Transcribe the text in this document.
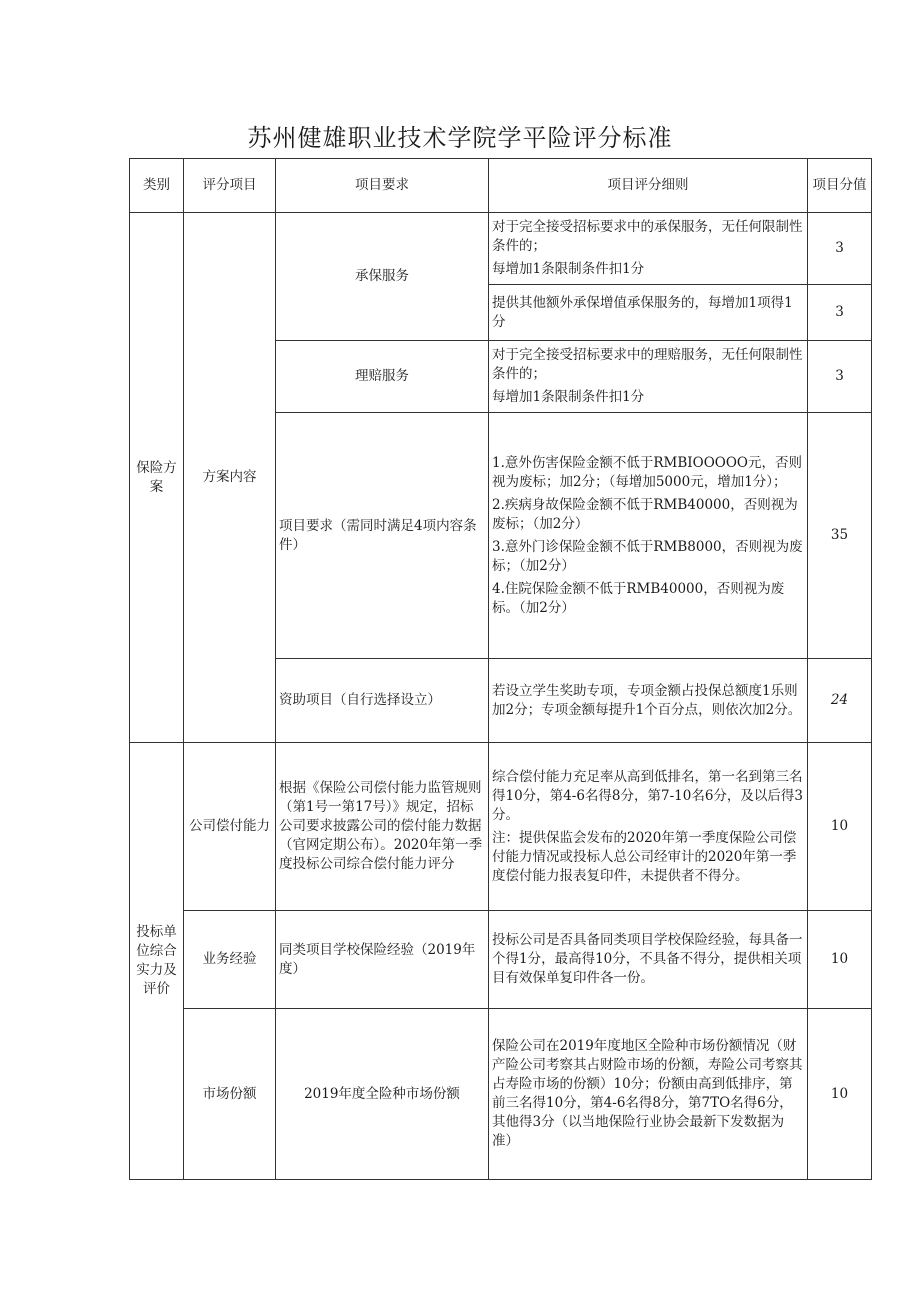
苏州健雄职业技术学院学平险评分标准
类别	评分项目	项目要求	项目评分细则	项目分值
保险方案	方案内容	承保服务	对于完全接受招标要求中的承保服务，无任何限制性条件的；
每增加1条限制条件扣1分	3

			提供其他额外承保增值承保服务的，每增加1项得1分	3
		理赔服务	对于完全接受招标要求中的理赔服务，无任何限制性条件的；
每增加1条限制条件扣1分	3
		项目要求（需同时满足4项内容条件）	1.意外伤害保险金额不低于RMBIOOOOO元，否则视为废标；加2分；（每增加5000元，增加1分）；
2.疾病身故保险金额不低于RMB40000，否则视为废标；（加2分）
3.意外门诊保险金额不低于RMB8000，否则视为废标；（加2分）
4.住院保险金额不低于RMB40000，否则视为废标。（加2分）	35
		资助项目（自行选择设立）	若设立学生奖助专项，专项金额占投保总额度1乐则加2分；专项金额每提升1个百分点，则依次加2分。	24

投标单位综合实力及评价	公司偿付能力	根据《保险公司偿付能力监管规则（第1号一第17号）》规定，招标公司要求披露公司的偿付能力数据（官网定期公布）。2020年第一季度投标公司综合偿付能力评分	综合偿付能力充足率从高到低排名，第一名到第三名得10分，第4-6名得8分，第7-10名6分，及以后得3分。
注：提供保监会发布的2020年第一季度保险公司偿付能力情况或投标人总公司经审计的2020年第一季度偿付能力报表复印件，未提供者不得分。	10
	业务经验	同类项目学校保险经验（2019年度）	投标公司是否具备同类项目学校保险经验，每具备一个得1分，最高得10分，不具备不得分，提供相关项目有效保单复印件各一份。	10
	市场份额	2019年度全险种市场份额	保险公司在2019年度地区全险种市场份额情况（财产险公司考察其占财险市场的份额，寿险公司考察其占寿险市场的份额）10分；份额由高到低排序，第前三名得10分，第4-6名得8分，第7TO名得6分，其他得3分（以当地保险行业协会最新下发数据为准）	10
